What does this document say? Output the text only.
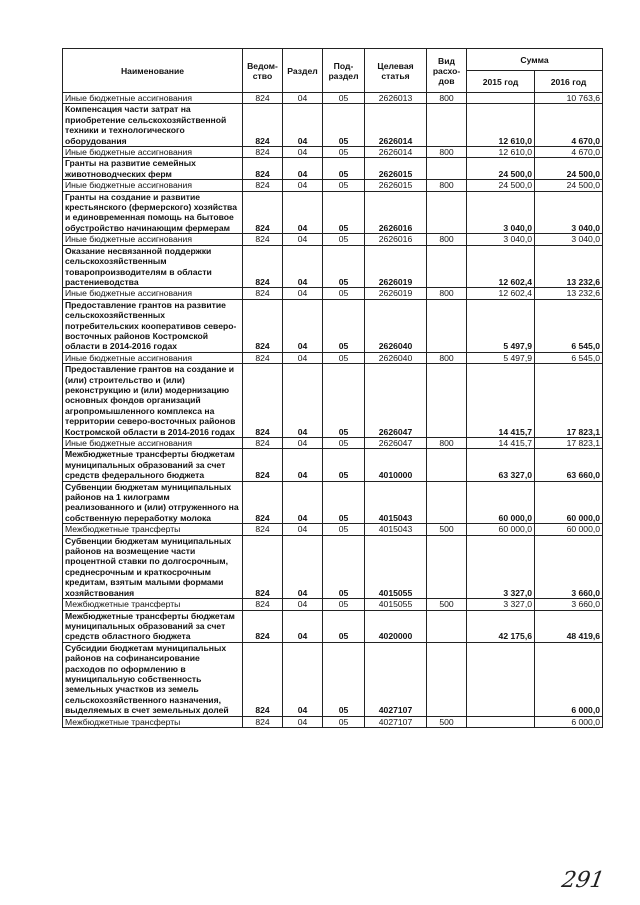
Наименование	Ведом-ство	Раздел	Под-раздел	Целевая статья	Вид расхо-дов	Сумма	
						2015 год	2016 год
Иные бюджетные ассигнования	824	04	05	2626013	800		10 763,6
Компенсация части затрат на приобретение сельскохозяйственной техники и технологического оборудования	824	04	05	2626014		12 610,0	4 670,0
Иные бюджетные ассигнования	824	04	05	2626014	800	12 610,0	4 670,0
Гранты на развитие семейных животноводческих ферм	824	04	05	2626015		24 500,0	24 500,0
Иные бюджетные ассигнования	824	04	05	2626015	800	24 500,0	24 500,0
Гранты на создание и развитие крестьянского (фермерского) хозяйства и единовременная помощь на бытовое обустройство начинающим фермерам	824	04	05	2626016		3 040,0	3 040,0
Иные бюджетные ассигнования	824	04	05	2626016	800	3 040,0	3 040,0
Оказание несвязанной поддержки сельскохозяйственным товаропроизводителям в области растениеводства	824	04	05	2626019		12 602,4	13 232,6
Иные бюджетные ассигнования	824	04	05	2626019	800	12 602,4	13 232,6
Предоставление грантов на развитие сельскохозяйственных потребительских кооперативов северо-восточных районов Костромской области в 2014-2016 годах	824	04	05	2626040		5 497,9	6 545,0
Иные бюджетные ассигнования	824	04	05	2626040	800	5 497,9	6 545,0
Предоставление грантов на создание и (или) строительство и (или) реконструкцию и (или) модернизацию основных фондов организаций агропромышленного комплекса на территории северо-восточных районов Костромской области в 2014-2016 годах	824	04	05	2626047		14 415,7	17 823,1
Иные бюджетные ассигнования	824	04	05	2626047	800	14 415,7	17 823,1
Межбюджетные трансферты бюджетам муниципальных образований за счет средств федерального бюджета	824	04	05	4010000		63 327,0	63 660,0
Субвенции бюджетам муниципальных районов на 1 килограмм реализованного и (или) отгруженного на собственную переработку молока	824	04	05	4015043		60 000,0	60 000,0
Межбюджетные трансферты	824	04	05	4015043	500	60 000,0	60 000,0
Субвенции бюджетам муниципальных районов на возмещение части процентной ставки по долгосрочным, среднесрочным и краткосрочным кредитам, взятым малыми формами хозяйствования	824	04	05	4015055		3 327,0	3 660,0
Межбюджетные трансферты	824	04	05	4015055	500	3 327,0	3 660,0
Межбюджетные трансферты бюджетам муниципальных образований за счет средств областного бюджета	824	04	05	4020000		42 175,6	48 419,6
Субсидии бюджетам муниципальных районов на софинансирование расходов по оформлению в муниципальную собственность земельных участков из земель сельскохозяйственного назначения, выделяемых в счет земельных долей	824	04	05	4027107			6 000,0
Межбюджетные трансферты	824	04	05	4027107	500		6 000,0
291
